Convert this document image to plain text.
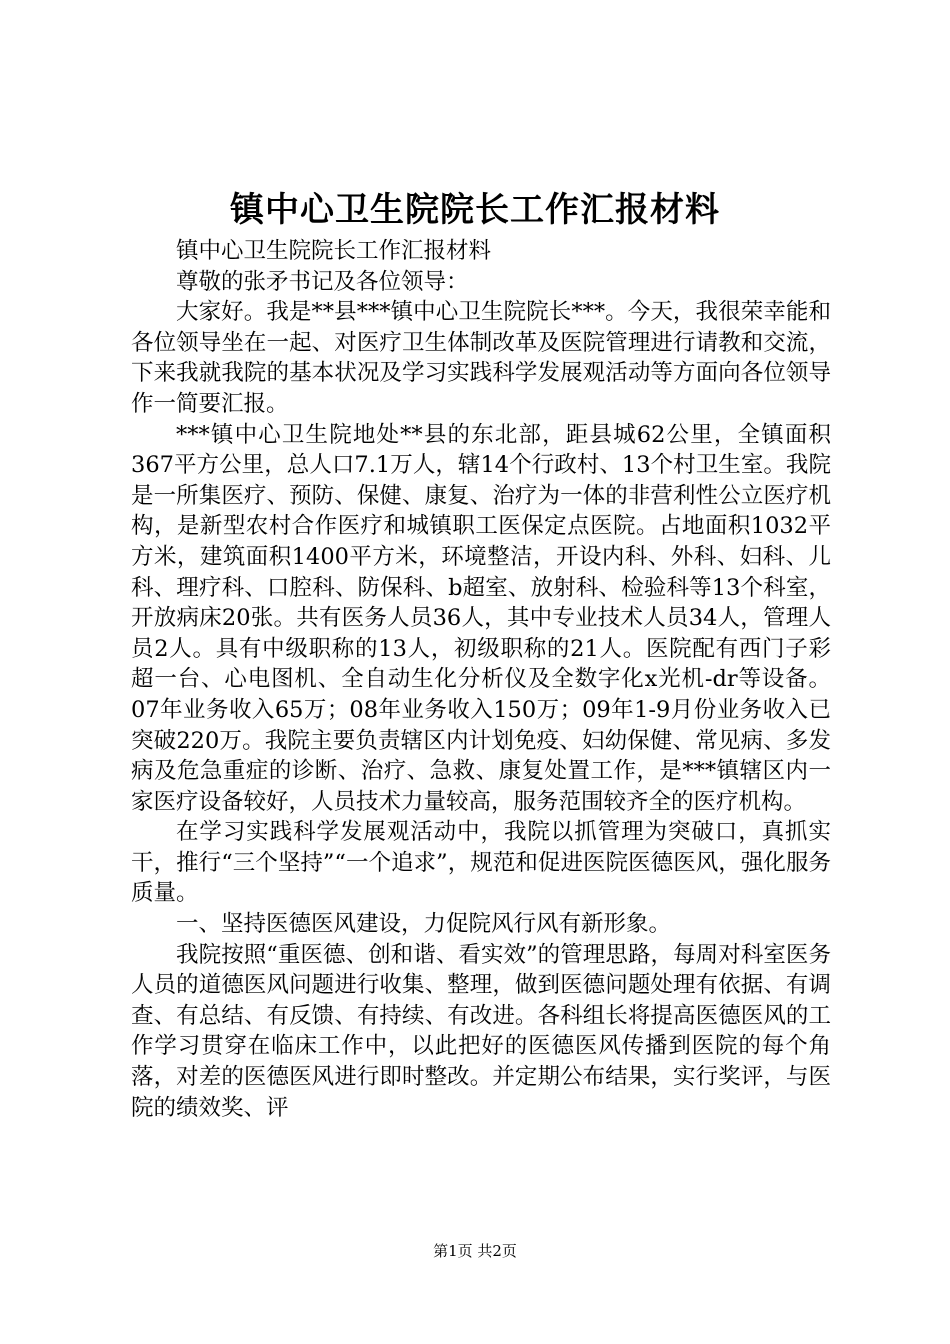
镇中心卫生院院长工作汇报材料

镇中心卫生院院长工作汇报材料

尊敬的张矛书记及各位领导：

大家好。我是**县***镇中心卫生院院长***。今天，我很荣幸能和各位领导坐在一起、对医疗卫生体制改革及医院管理进行请教和交流，下来我就我院的基本状况及学习实践科学发展观活动等方面向各位领导作一简要汇报。

***镇中心卫生院地处**县的东北部，距县城62公里，全镇面积367平方公里，总人口7.1万人，辖14个行政村、13个村卫生室。我院是一所集医疗、预防、保健、康复、治疗为一体的非营利性公立医疗机构，是新型农村合作医疗和城镇职工医保定点医院。占地面积1032平方米，建筑面积1400平方米，环境整洁，开设内科、外科、妇科、儿科、理疗科、口腔科、防保科、b超室、放射科、检验科等13个科室，开放病床20张。共有医务人员36人，其中专业技术人员34人，管理人员2人。具有中级职称的13人，初级职称的21人。医院配有西门子彩超一台、心电图机、全自动生化分析仪及全数字化x光机-dr等设备。07年业务收入65万；08年业务收入150万；09年1-9月份业务收入已突破220万。我院主要负责辖区内计划免疫、妇幼保健、常见病、多发病及危急重症的诊断、治疗、急救、康复处置工作，是***镇辖区内一家医疗设备较好，人员技术力量较高，服务范围较齐全的医疗机构。

在学习实践科学发展观活动中，我院以抓管理为突破口，真抓实干，推行“三个坚持”“一个追求”，规范和促进医院医德医风，强化服务质量。

一、坚持医德医风建设，力促院风行风有新形象。

我院按照“重医德、创和谐、看实效”的管理思路，每周对科室医务人员的道德医风问题进行收集、整理，做到医德问题处理有依据、有调查、有总结、有反馈、有持续、有改进。各科组长将提高医德医风的工作学习贯穿在临床工作中，以此把好的医德医风传播到医院的每个角落，对差的医德医风进行即时整改。并定期公布结果，实行奖评，与医院的绩效奖、评

第1页 共2页
